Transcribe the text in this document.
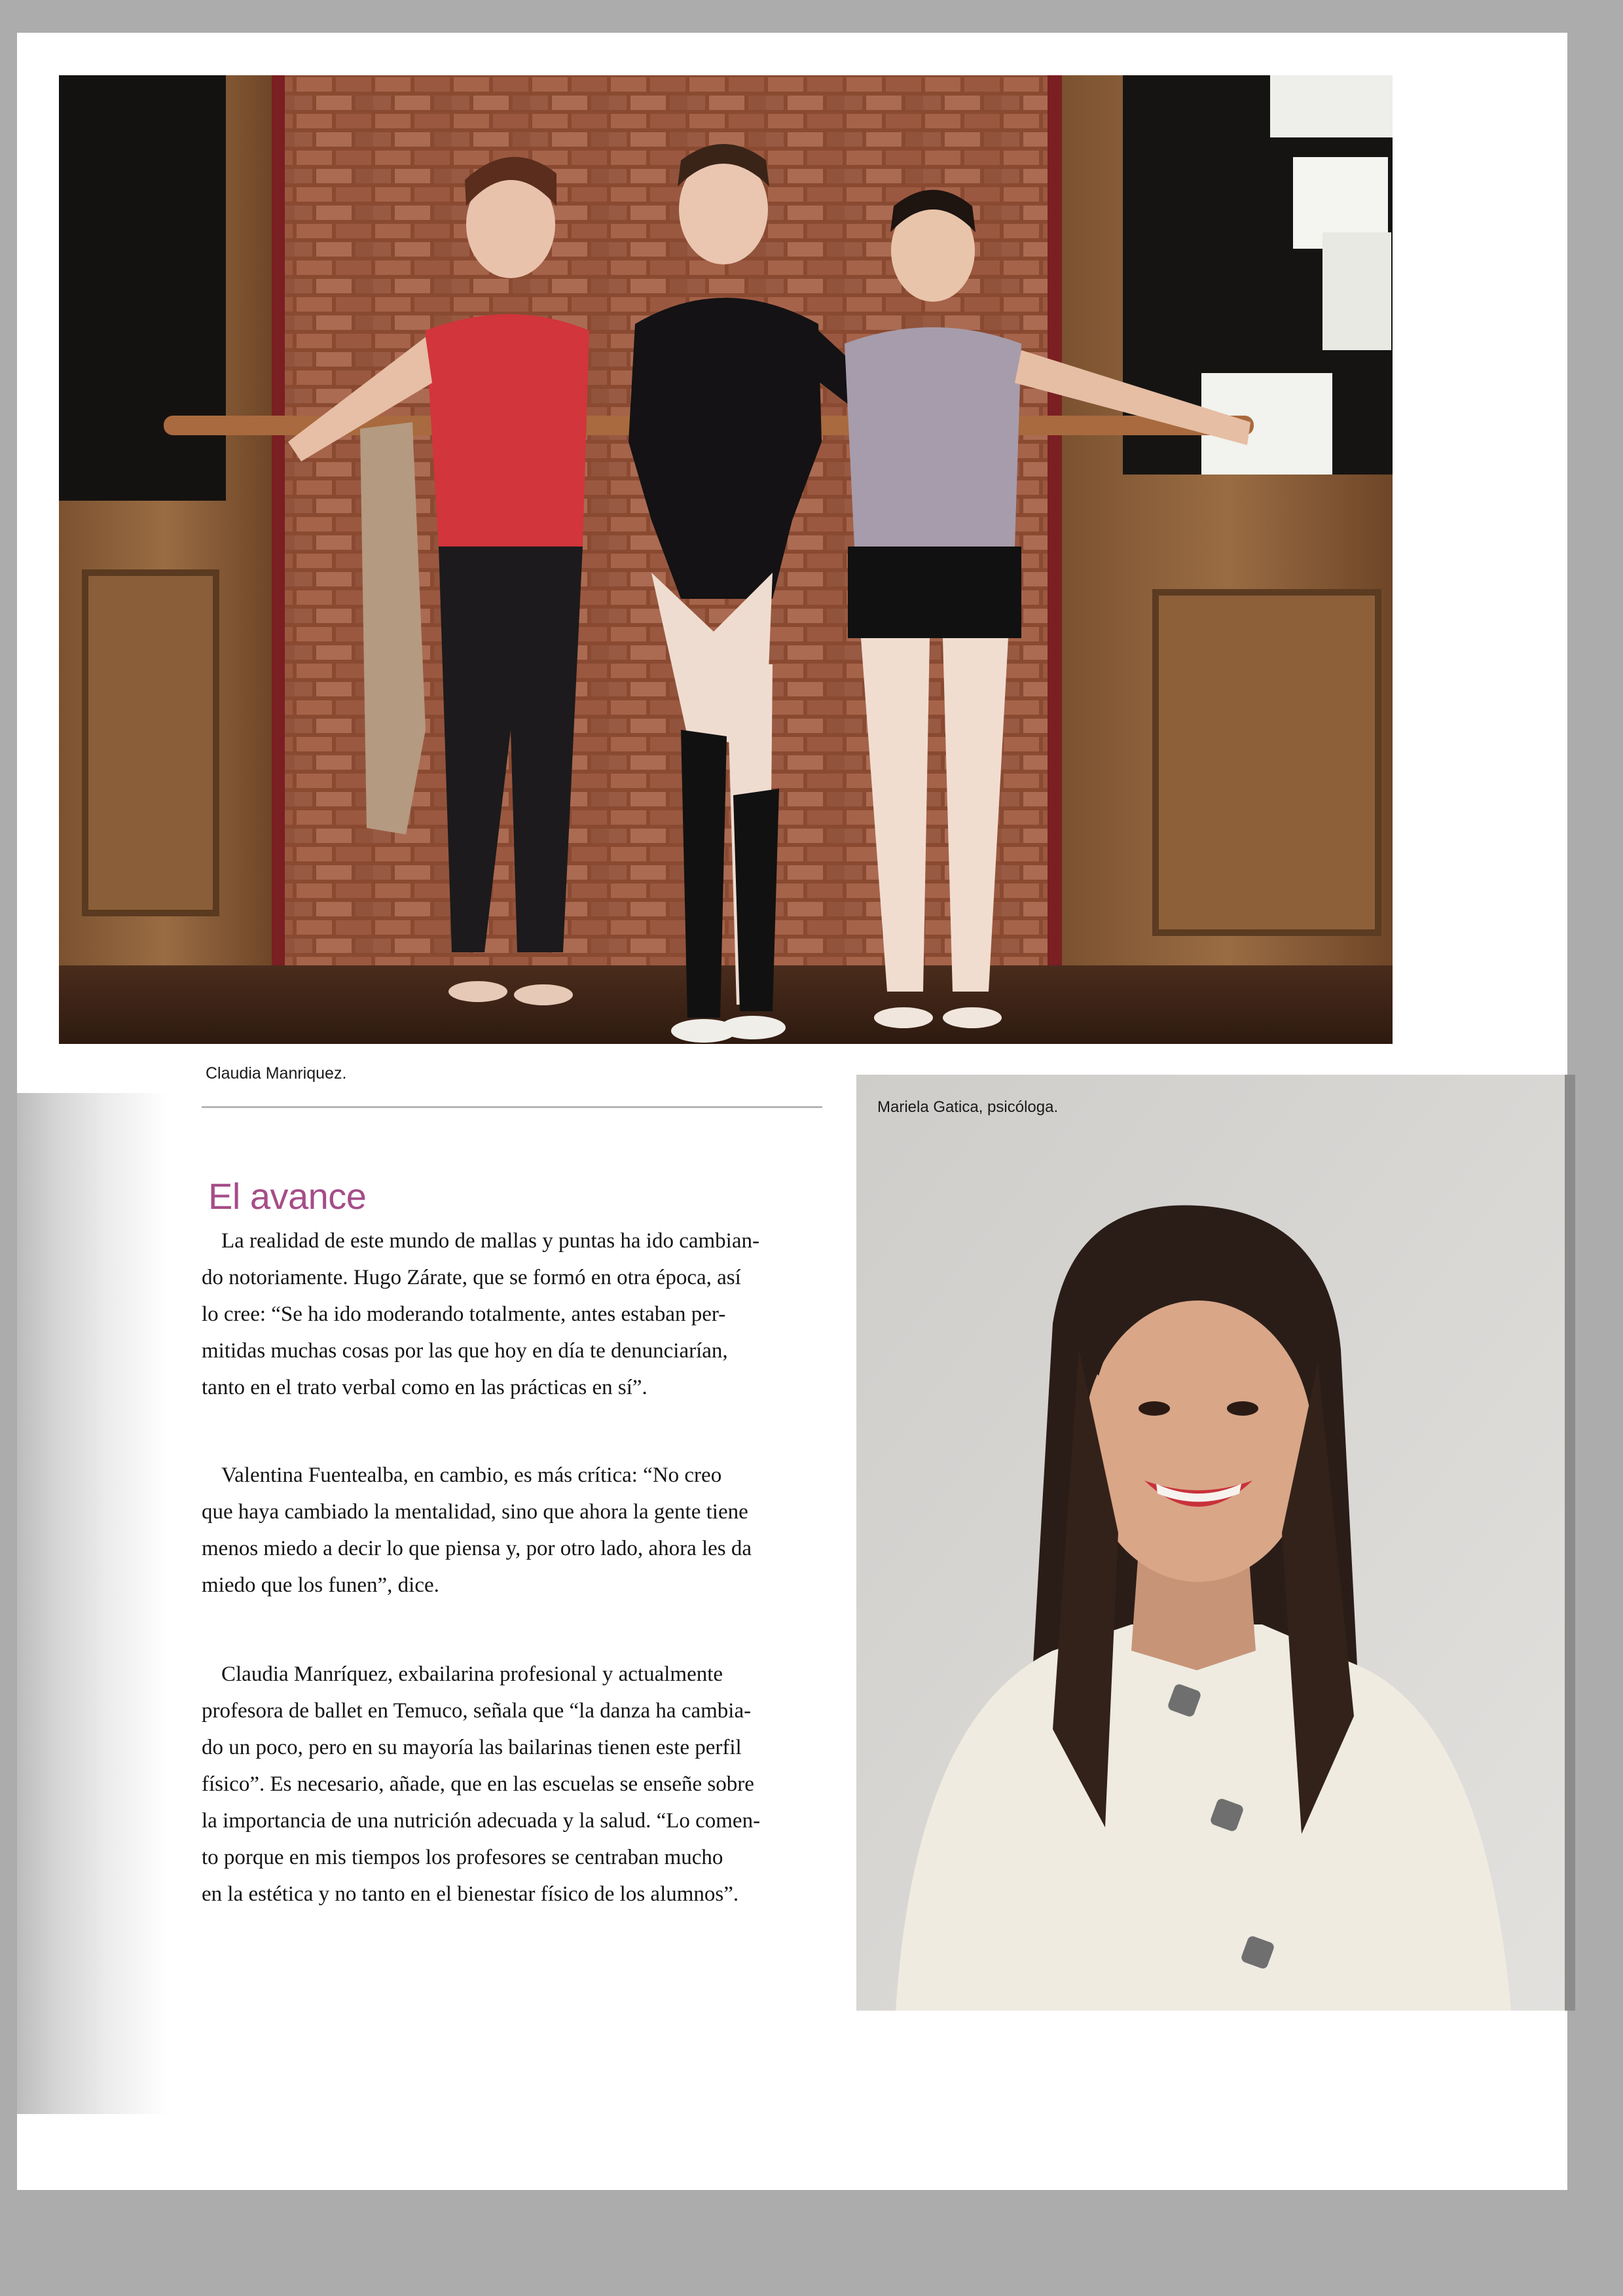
Claudia Manriquez.
El avance
La realidad de este mundo de mallas y puntas ha ido cambian-
do notoriamente. Hugo Zárate, que se formó en otra época, así
lo cree: “Se ha ido moderando totalmente, antes estaban per-
mitidas muchas cosas por las que hoy en día te denunciarían,
tanto en el trato verbal como en las prácticas en sí”.
Valentina Fuentealba, en cambio, es más crítica: “No creo
que haya cambiado la mentalidad, sino que ahora la gente tiene
menos miedo a decir lo que piensa y, por otro lado, ahora les da
miedo que los funen”, dice.
Claudia Manríquez, exbailarina profesional y actualmente
profesora de ballet en Temuco, señala que “la danza ha cambia-
do un poco, pero en su mayoría las bailarinas tienen este perfil
físico”. Es necesario, añade, que en las escuelas se enseñe sobre
la importancia de una nutrición adecuada y la salud. “Lo comen-
to porque en mis tiempos los profesores se centraban mucho
en la estética y no tanto en el bienestar físico de los alumnos”.
Mariela Gatica, psicóloga.
